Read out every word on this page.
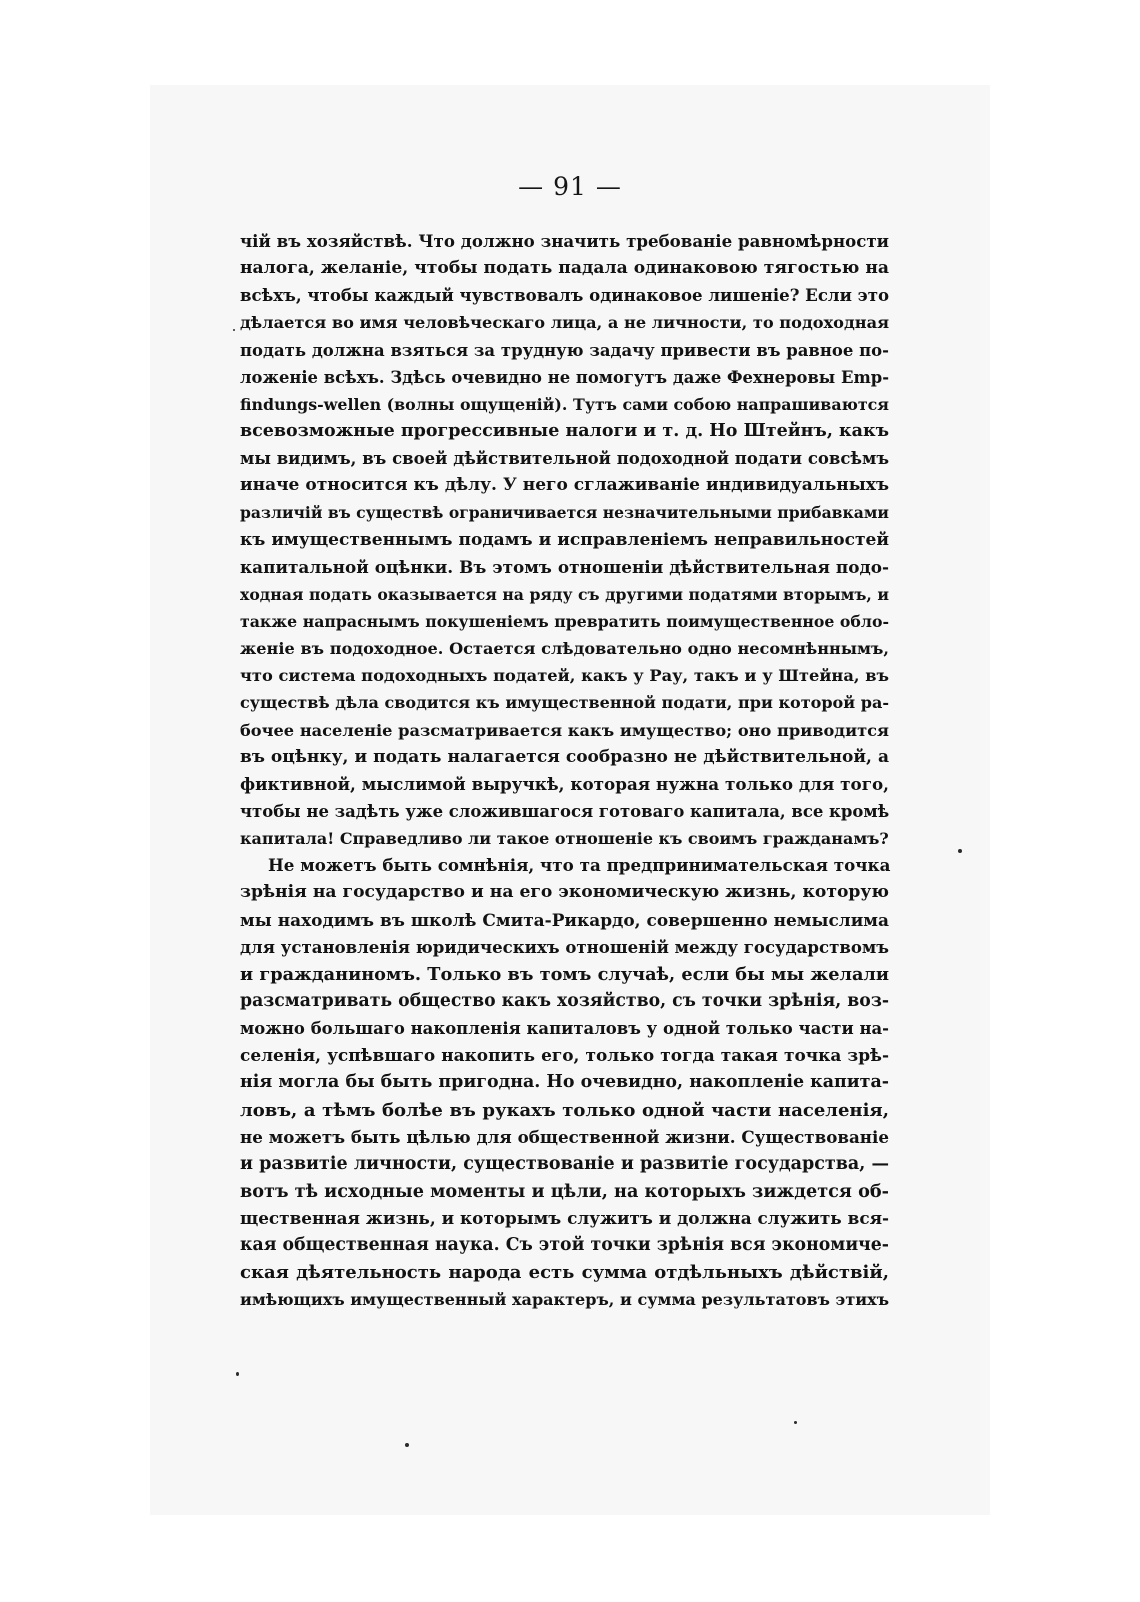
— 91 —
чій въ хозяйствѣ. Что должно значить требованіе равномѣрности
налога, желаніе, чтобы подать падала одинаковою тягостью на
всѣхъ, чтобы каждый чувствовалъ одинаковое лишеніе? Если это
дѣлается во имя человѣческаго лица, а не личности, то подоходная
подать должна взяться за трудную задачу привести въ равное по-
ложеніе всѣхъ. Здѣсь очевидно не помогутъ даже Фехнеровы Emp-
findungs-wellen (волны ощущеній). Тутъ сами собою напрашиваются
всевозможные прогрессивные налоги и т. д. Но Штейнъ, какъ
мы видимъ, въ своей дѣйствительной подоходной подати совсѣмъ
иначе относится къ дѣлу. У него сглаживаніе индивидуальныхъ
различій въ существѣ ограничивается незначительными прибавками
къ имущественнымъ подамъ и исправленіемъ неправильностей
капитальной оцѣнки. Въ этомъ отношеніи дѣйствительная подо-
ходная подать оказывается на ряду съ другими податями вторымъ, и
также напраснымъ покушеніемъ превратить поимущественное обло-
женіе въ подоходное. Остается слѣдовательно одно несомнѣннымъ,
что система подоходныхъ податей, какъ у Рау, такъ и у Штейна, въ
существѣ дѣла сводится къ имущественной подати, при которой ра-
бочее населеніе разсматривается какъ имущество; оно приводится
въ оцѣнку, и подать налагается сообразно не дѣйствительной, а
фиктивной, мыслимой выручкѣ, которая нужна только для того,
чтобы не задѣть уже сложившагося готоваго капитала, все кромѣ
капитала! Справедливо ли такое отношеніе къ своимъ гражданамъ?
Не можетъ быть сомнѣнія, что та предпринимательская точка
зрѣнія на государство и на его экономическую жизнь, которую
мы находимъ въ школѣ Смита-Рикардо, совершенно немыслима
для установленія юридическихъ отношеній между государствомъ
и гражданиномъ. Только въ томъ случаѣ, если бы мы желали
разсматривать общество какъ хозяйство, съ точки зрѣнія, воз-
можно большаго накопленія капиталовъ у одной только части на-
селенія, успѣвшаго накопить его, только тогда такая точка зрѣ-
нія могла бы быть пригодна. Но очевидно, накопленіе капита-
ловъ, а тѣмъ болѣе въ рукахъ только одной части населенія,
не можетъ быть цѣлью для общественной жизни. Существованіе
и развитіе личности, существованіе и развитіе государства, —
вотъ тѣ исходные моменты и цѣли, на которыхъ зиждется об-
щественная жизнь, и которымъ служитъ и должна служить вся-
кая общественная наука. Съ этой точки зрѣнія вся экономиче-
ская дѣятельность народа есть сумма отдѣльныхъ дѣйствій,
имѣющихъ имущественный характеръ, и сумма результатовъ этихъ
